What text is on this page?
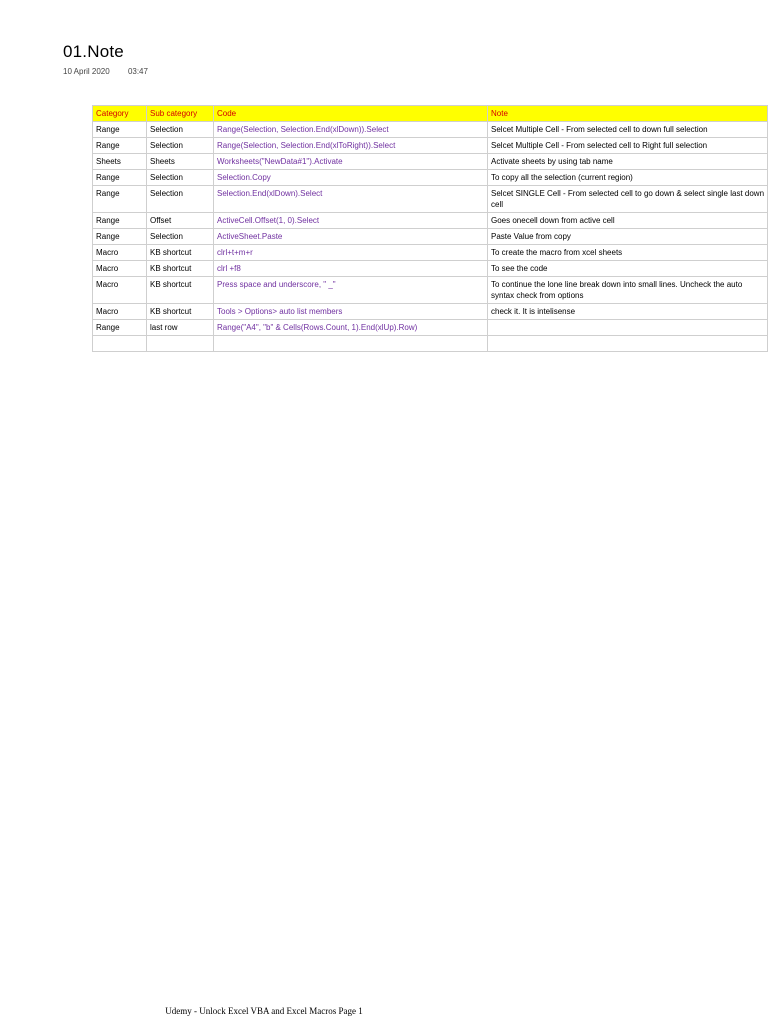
01.Note
10 April 2020 03:47
Category	Sub category	Code	Note
Range	Selection	Range(Selection, Selection.End(xlDown)).Select	Selcet Multiple Cell - From selected cell to down full selection
Range	Selection	Range(Selection, Selection.End(xlToRight)).Select	Selcet Multiple Cell - From selected cell to Right full selection
Sheets	Sheets	Worksheets("NewData#1").Activate	Activate sheets by using tab name
Range	Selection	Selection.Copy	To copy all the selection (current region)
Range	Selection	Selection.End(xlDown).Select	Selcet SINGLE Cell - From selected cell to go down & select single last down cell
Range	Offset	ActiveCell.Offset(1, 0).Select	Goes onecell down from active cell
Range	Selection	ActiveSheet.Paste	Paste Value from copy
Macro	KB shortcut	clrl+t+m+r	To create the macro from xcel sheets
Macro	KB shortcut	clrl +f8	To see the code
Macro	KB shortcut	Press space and underscore, " _"	To continue the lone line break down into small lines. Uncheck the auto syntax check from options
Macro	KB shortcut	Tools > Options> auto list members	check it. It is intelisense
Range	last row	Range("A4", "b" & Cells(Rows.Count, 1).End(xlUp).Row)	

Udemy - Unlock Excel VBA and Excel Macros Page 1
